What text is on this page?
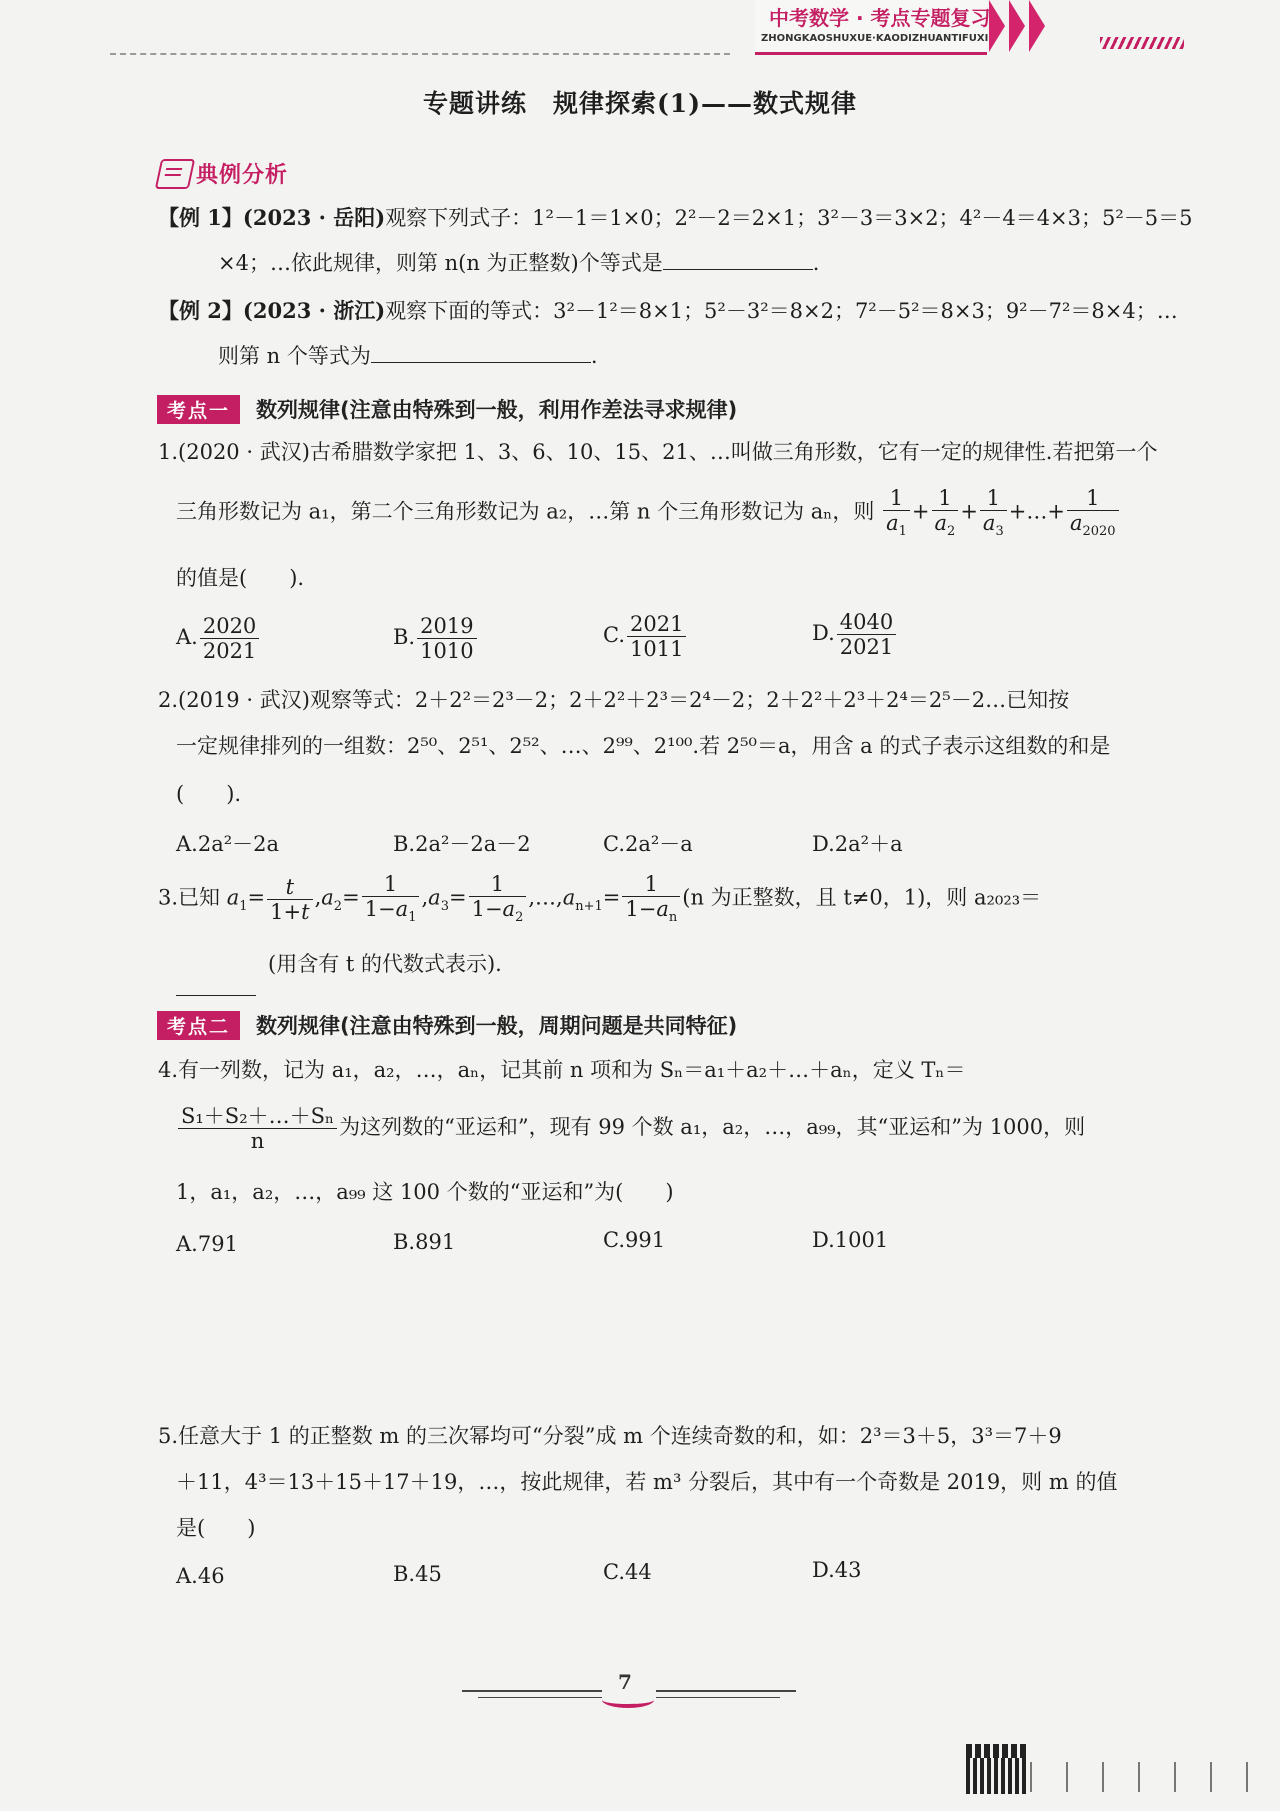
中考数学 · 考点专题复习
ZHONGKAOSHUXUE·KAODIZHUANTIFUXI
专题讲练　规律探索(1)——数式规律
典例分析
【例 1】(2023 · 岳阳)观察下列式子：1²－1＝1×0；2²－2＝2×1；3²－3＝3×2；4²－4＝4×3；5²－5＝5
×4；…依此规律，则第 n(n 为正整数)个等式是	.
【例 2】(2023 · 浙江)观察下面的等式：3²－1²＝8×1；5²－3²＝8×2；7²－5²＝8×3；9²－7²＝8×4；…
则第 n 个等式为	.
考点一	数列规律(注意由特殊到一般，利用作差法寻求规律)
1.(2020 · 武汉)古希腊数学家把 1、3、6、10、15、21、…叫做三角形数，它有一定的规律性.若把第一个
三角形数记为 a₁，第二个三角形数记为 a₂，…第 n 个三角形数记为 aₙ，则 $\frac{1}{a_1} + \frac{1}{a_2} + \frac{1}{a_3}$ +…+ $\frac{1}{a_{2020}}$
的值是(　　).
A. $\frac{2020}{2021}$	B. $\frac{2019}{1010}$	C. $\frac{2021}{1011}$	D. $\frac{4040}{2021}$
2.(2019 · 武汉)观察等式：2＋2²＝2³－2；2＋2²＋2³＝2⁴－2；2＋2²＋2³＋2⁴＝2⁵－2…已知按
一定规律排列的一组数：2⁵⁰、2⁵¹、2⁵²、…、2⁹⁹、2¹⁰⁰.若 2⁵⁰＝a，用含 a 的式子表示这组数的和是
(　　).
A.2a²－2a	B.2a²－2a－2	C.2a²－a	D.2a²＋a
3.已知 $a_1= \frac{t}{1+t} ,a_2= \frac{1}{1-a_1} ,a_3= \frac{1}{1-a_2}$ $,\dots,a_{n+1}= \frac{1}{1-a_n} (n$ 为正整数，且 t≠0，1)，则 a₂₀₂₃＝
(用含有 t 的代数式表示).
考点二	数列规律(注意由特殊到一般，周期问题是共同特征)
4.有一列数，记为 a₁，a₂，…，aₙ，记其前 n 项和为 Sₙ＝a₁＋a₂＋…＋aₙ，定义 Tₙ＝
$\frac{\text{S₁＋S₂＋…＋Sₙ}}{n}$ 为这列数的“亚运和”，现有 99 个数 a₁，a₂，…，a₉₉，其“亚运和”为 1000，则
1，a₁，a₂，…，a₉₉ 这 100 个数的“亚运和”为(　　)
A.791	B.891	C.991	D.1001
5.任意大于 1 的正整数 m 的三次幂均可“分裂”成 m 个连续奇数的和，如：2³＝3＋5，3³＝7＋9
＋11，4³＝13＋15＋17＋19，…，按此规律，若 m³ 分裂后，其中有一个奇数是 2019，则 m 的值
是(　　)
A.46	B.45	C.44	D.43
7
